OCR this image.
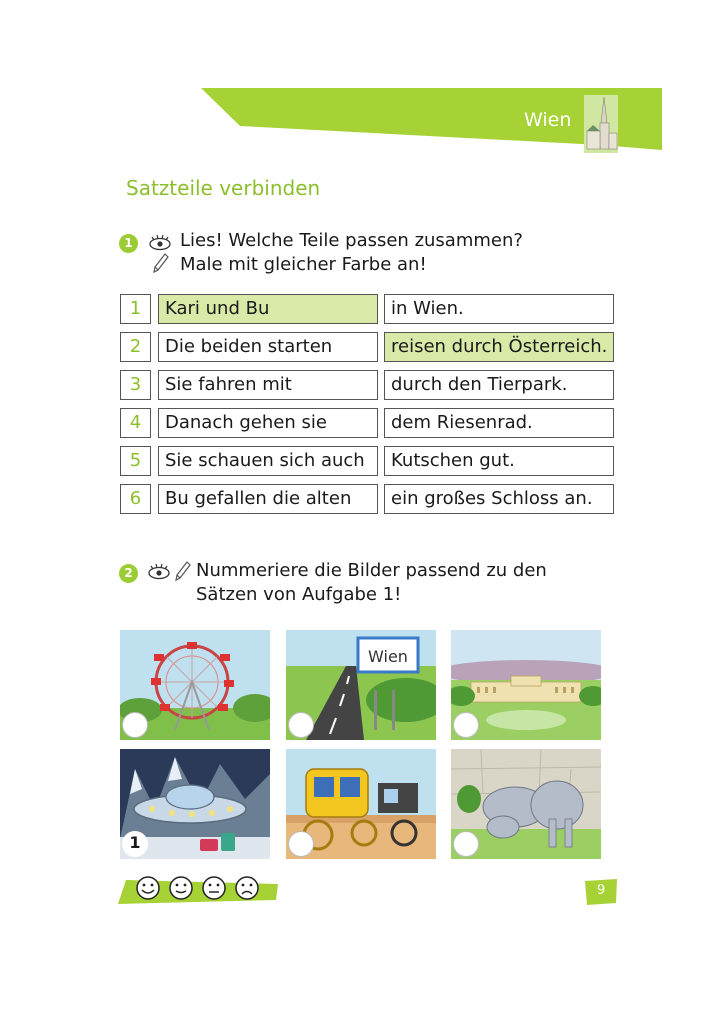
Wien
Satzteile verbinden
1	Lies! Welche Teile passen zusammen?
Male mit gleicher Farbe an!
1	Kari und Bu	in Wien.
2	Die beiden starten	reisen durch Österreich.
3	Sie fahren mit	durch den Tierpark.
4	Danach gehen sie	dem Riesenrad.
5	Sie schauen sich auch	Kutschen gut.
6	Bu gefallen die alten	ein großes Schloss an.
2	Nummeriere die Bilder passend zu den
Sätzen von Aufgabe 1!
Wien
1
9
